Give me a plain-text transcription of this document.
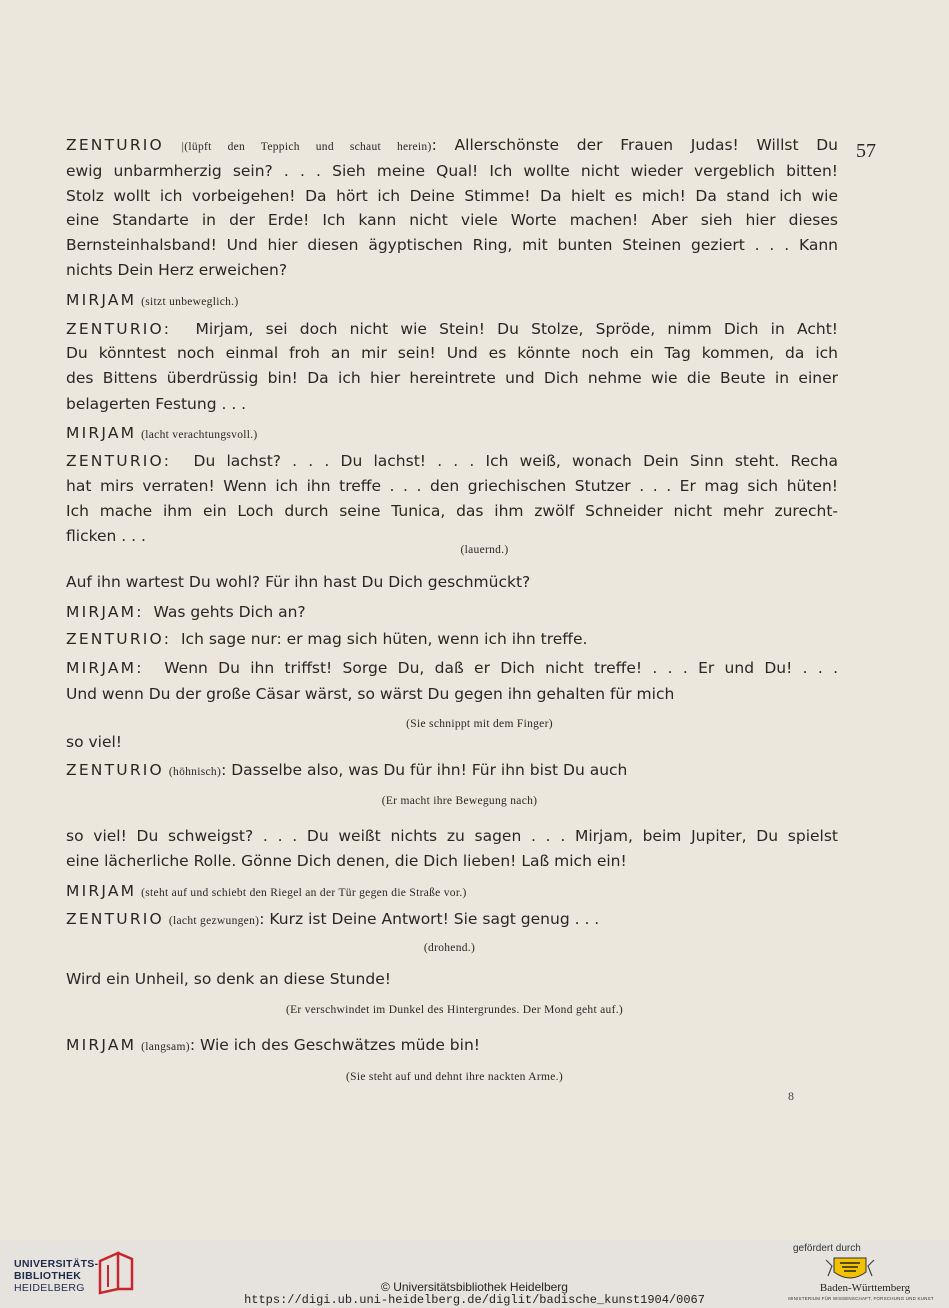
57
ZENTURIO |(lüpft den Teppich und schaut herein): Allerschönste der Frauen Judas! Willst Du
ewig unbarmherzig sein? . . . Sieh meine Qual! Ich wollte nicht wieder vergeblich bitten!
Stolz wollt ich vorbeigehen! Da hört ich Deine Stimme! Da hielt es mich! Da stand ich wie
eine Standarte in der Erde! Ich kann nicht viele Worte machen! Aber sieh hier dieses
Bernsteinhalsband! Und hier diesen ägyptischen Ring, mit bunten Steinen geziert . . . Kann
nichts Dein Herz erweichen?
MIRJAM (sitzt unbeweglich.)
ZENTURIO: Mirjam, sei doch nicht wie Stein! Du Stolze, Spröde, nimm Dich in Acht!
Du könntest noch einmal froh an mir sein! Und es könnte noch ein Tag kommen, da ich
des Bittens überdrüssig bin! Da ich hier hereintrete und Dich nehme wie die Beute in einer
belagerten Festung . . .
MIRJAM (lacht verachtungsvoll.)
ZENTURIO: Du lachst? . . . Du lachst! . . . Ich weiß, wonach Dein Sinn steht. Recha
hat mirs verraten! Wenn ich ihn treffe . . . den griechischen Stutzer . . . Er mag sich hüten!
Ich mache ihm ein Loch durch seine Tunica, das ihm zwölf Schneider nicht mehr zurecht-
flicken . . .
(lauernd.)
Auf ihn wartest Du wohl? Für ihn hast Du Dich geschmückt?
MIRJAM: Was gehts Dich an?
ZENTURIO: Ich sage nur: er mag sich hüten, wenn ich ihn treffe.
MIRJAM: Wenn Du ihn triffst! Sorge Du, daß er Dich nicht treffe! . . . Er und Du! . . .
Und wenn Du der große Cäsar wärst, so wärst Du gegen ihn gehalten für mich
(Sie schnippt mit dem Finger)
so viel!
ZENTURIO (höhnisch): Dasselbe also, was Du für ihn! Für ihn bist Du auch
(Er macht ihre Bewegung nach)
so viel! Du schweigst? . . . Du weißt nichts zu sagen . . . Mirjam, beim Jupiter, Du spielst
eine lächerliche Rolle. Gönne Dich denen, die Dich lieben! Laß mich ein!
MIRJAM (steht auf und schiebt den Riegel an der Tür gegen die Straße vor.)
ZENTURIO (lacht gezwungen): Kurz ist Deine Antwort! Sie sagt genug . . .
(drohend.)
Wird ein Unheil, so denk an diese Stunde!
(Er verschwindet im Dunkel des Hintergrundes. Der Mond geht auf.)
MIRJAM (langsam): Wie ich des Geschwätzes müde bin!
(Sie steht auf und dehnt ihre nackten Arme.)
8
UNIVERSITÄTS-
BIBLIOTHEK
HEIDELBERG	© Universitätsbibliothek Heidelberg
https://digi.ub.uni-heidelberg.de/diglit/badische_kunst1904/0067
gefördert durch
Baden-Württemberg
MINISTERIUM FÜR WISSENSCHAFT, FORSCHUNG UND KUNST
